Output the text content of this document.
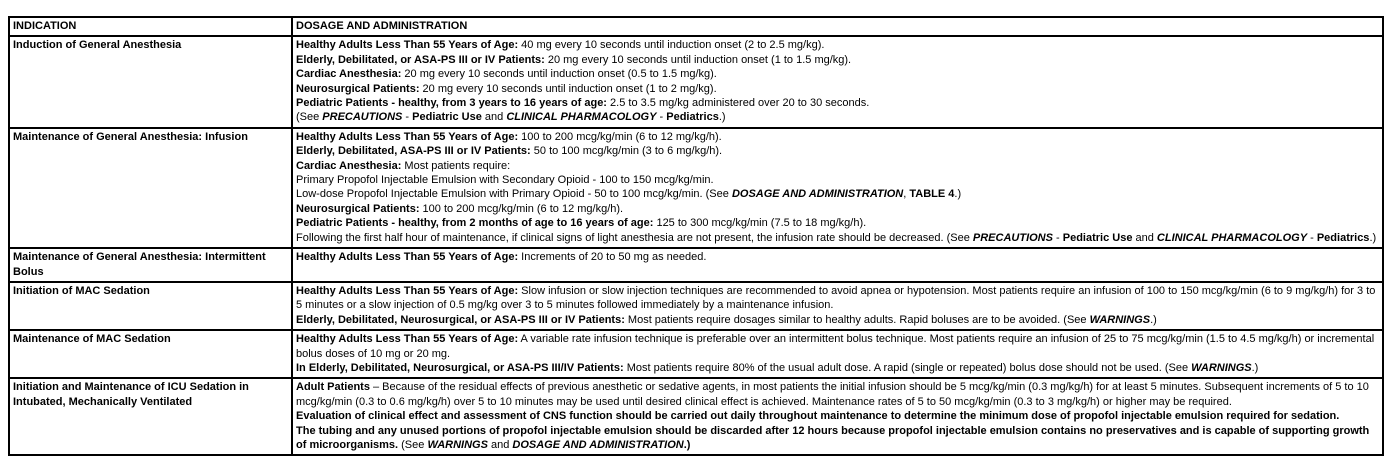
INDICATION	DOSAGE AND ADMINISTRATION
Induction of General Anesthesia	Healthy Adults Less Than 55 Years of Age: 40 mg every 10 seconds until induction onset (2 to 2.5 mg/kg).
Elderly, Debilitated, or ASA-PS III or IV Patients: 20 mg every 10 seconds until induction onset (1 to 1.5 mg/kg).
Cardiac Anesthesia: 20 mg every 10 seconds until induction onset (0.5 to 1.5 mg/kg).
Neurosurgical Patients: 20 mg every 10 seconds until induction onset (1 to 2 mg/kg).
Pediatric Patients - healthy, from 3 years to 16 years of age: 2.5 to 3.5 mg/kg administered over 20 to 30 seconds.
(See PRECAUTIONS - Pediatric Use and CLINICAL PHARMACOLOGY - Pediatrics.)

Maintenance of General Anesthesia: Infusion	Healthy Adults Less Than 55 Years of Age: 100 to 200 mcg/kg/min (6 to 12 mg/kg/h).
Elderly, Debilitated, ASA-PS III or IV Patients: 50 to 100 mcg/kg/min (3 to 6 mg/kg/h).
Cardiac Anesthesia: Most patients require:
Primary Propofol Injectable Emulsion with Secondary Opioid - 100 to 150 mcg/kg/min.
Low-dose Propofol Injectable Emulsion with Primary Opioid - 50 to 100 mcg/kg/min. (See DOSAGE AND ADMINISTRATION, TABLE 4.)
Neurosurgical Patients: 100 to 200 mcg/kg/min (6 to 12 mg/kg/h).
Pediatric Patients - healthy, from 2 months of age to 16 years of age: 125 to 300 mcg/kg/min (7.5 to 18 mg/kg/h).
Following the first half hour of maintenance, if clinical signs of light anesthesia are not present, the infusion rate should be decreased. (See PRECAUTIONS - Pediatric Use and CLINICAL PHARMACOLOGY - Pediatrics.)

Maintenance of General Anesthesia: Intermittent Bolus	Healthy Adults Less Than 55 Years of Age: Increments of 20 to 50 mg as needed.

Initiation of MAC Sedation	Healthy Adults Less Than 55 Years of Age: Slow infusion or slow injection techniques are recommended to avoid apnea or hypotension. Most patients require an infusion of 100 to 150 mcg/kg/min (6 to 9 mg/kg/h) for 3 to 5 minutes or a slow injection of 0.5 mg/kg over 3 to 5 minutes followed immediately by a maintenance infusion.
Elderly, Debilitated, Neurosurgical, or ASA-PS III or IV Patients: Most patients require dosages similar to healthy adults. Rapid boluses are to be avoided. (See WARNINGS.)

Maintenance of MAC Sedation	Healthy Adults Less Than 55 Years of Age: A variable rate infusion technique is preferable over an intermittent bolus technique. Most patients require an infusion of 25 to 75 mcg/kg/min (1.5 to 4.5 mg/kg/h) or incremental bolus doses of 10 mg or 20 mg.
In Elderly, Debilitated, Neurosurgical, or ASA-PS III/IV Patients: Most patients require 80% of the usual adult dose. A rapid (single or repeated) bolus dose should not be used. (See WARNINGS.)

Initiation and Maintenance of ICU Sedation in Intubated, Mechanically Ventilated	Adult Patients – Because of the residual effects of previous anesthetic or sedative agents, in most patients the initial infusion should be 5 mcg/kg/min (0.3 mg/kg/h) for at least 5 minutes. Subsequent increments of 5 to 10 mcg/kg/min (0.3 to 0.6 mg/kg/h) over 5 to 10 minutes may be used until desired clinical effect is achieved. Maintenance rates of 5 to 50 mcg/kg/min (0.3 to 3 mg/kg/h) or higher may be required.
Evaluation of clinical effect and assessment of CNS function should be carried out daily throughout maintenance to determine the minimum dose of propofol injectable emulsion required for sedation.
The tubing and any unused portions of propofol injectable emulsion should be discarded after 12 hours because propofol injectable emulsion contains no preservatives and is capable of supporting growth of microorganisms. (See WARNINGS and DOSAGE AND ADMINISTRATION.)
